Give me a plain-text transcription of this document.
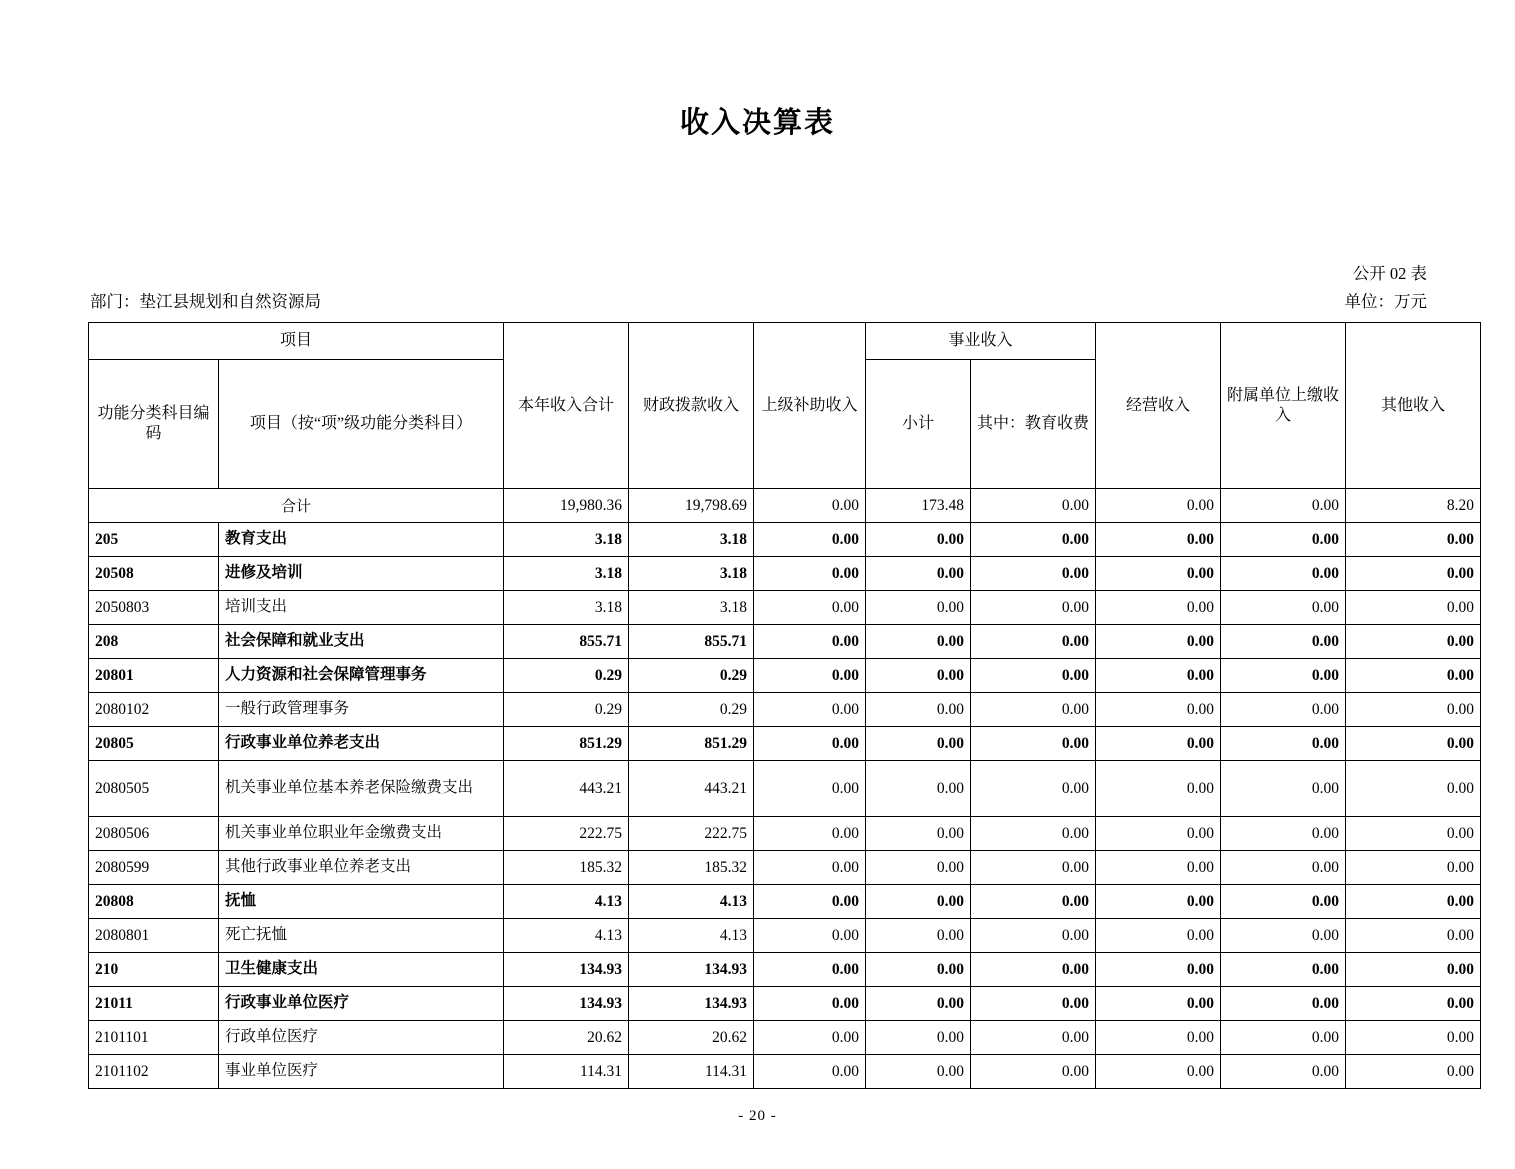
收入决算表
公开 02 表
部门：垫江县规划和自然资源局	单位：万元
项目		本年收入合计	财政拨款收入	上级补助收入	事业收入		经营收入	附属单位上缴收入	其他收入
功能分类科目编码	项目（按“项”级功能分类科目）				小计	其中：教育收费			
合计		19,980.36	19,798.69	0.00	173.48	0.00	0.00	0.00	8.20
205	教育支出	3.18	3.18	0.00	0.00	0.00	0.00	0.00	0.00
20508	进修及培训	3.18	3.18	0.00	0.00	0.00	0.00	0.00	0.00
2050803	培训支出	3.18	3.18	0.00	0.00	0.00	0.00	0.00	0.00
208	社会保障和就业支出	855.71	855.71	0.00	0.00	0.00	0.00	0.00	0.00
20801	人力资源和社会保障管理事务	0.29	0.29	0.00	0.00	0.00	0.00	0.00	0.00
2080102	一般行政管理事务	0.29	0.29	0.00	0.00	0.00	0.00	0.00	0.00
20805	行政事业单位养老支出	851.29	851.29	0.00	0.00	0.00	0.00	0.00	0.00
2080505	机关事业单位基本养老保险缴费支出	443.21	443.21	0.00	0.00	0.00	0.00	0.00	0.00
2080506	机关事业单位职业年金缴费支出	222.75	222.75	0.00	0.00	0.00	0.00	0.00	0.00
2080599	其他行政事业单位养老支出	185.32	185.32	0.00	0.00	0.00	0.00	0.00	0.00
20808	抚恤	4.13	4.13	0.00	0.00	0.00	0.00	0.00	0.00
2080801	死亡抚恤	4.13	4.13	0.00	0.00	0.00	0.00	0.00	0.00
210	卫生健康支出	134.93	134.93	0.00	0.00	0.00	0.00	0.00	0.00
21011	行政事业单位医疗	134.93	134.93	0.00	0.00	0.00	0.00	0.00	0.00
2101101	行政单位医疗	20.62	20.62	0.00	0.00	0.00	0.00	0.00	0.00
2101102	事业单位医疗	114.31	114.31	0.00	0.00	0.00	0.00	0.00	0.00
- 20 -
